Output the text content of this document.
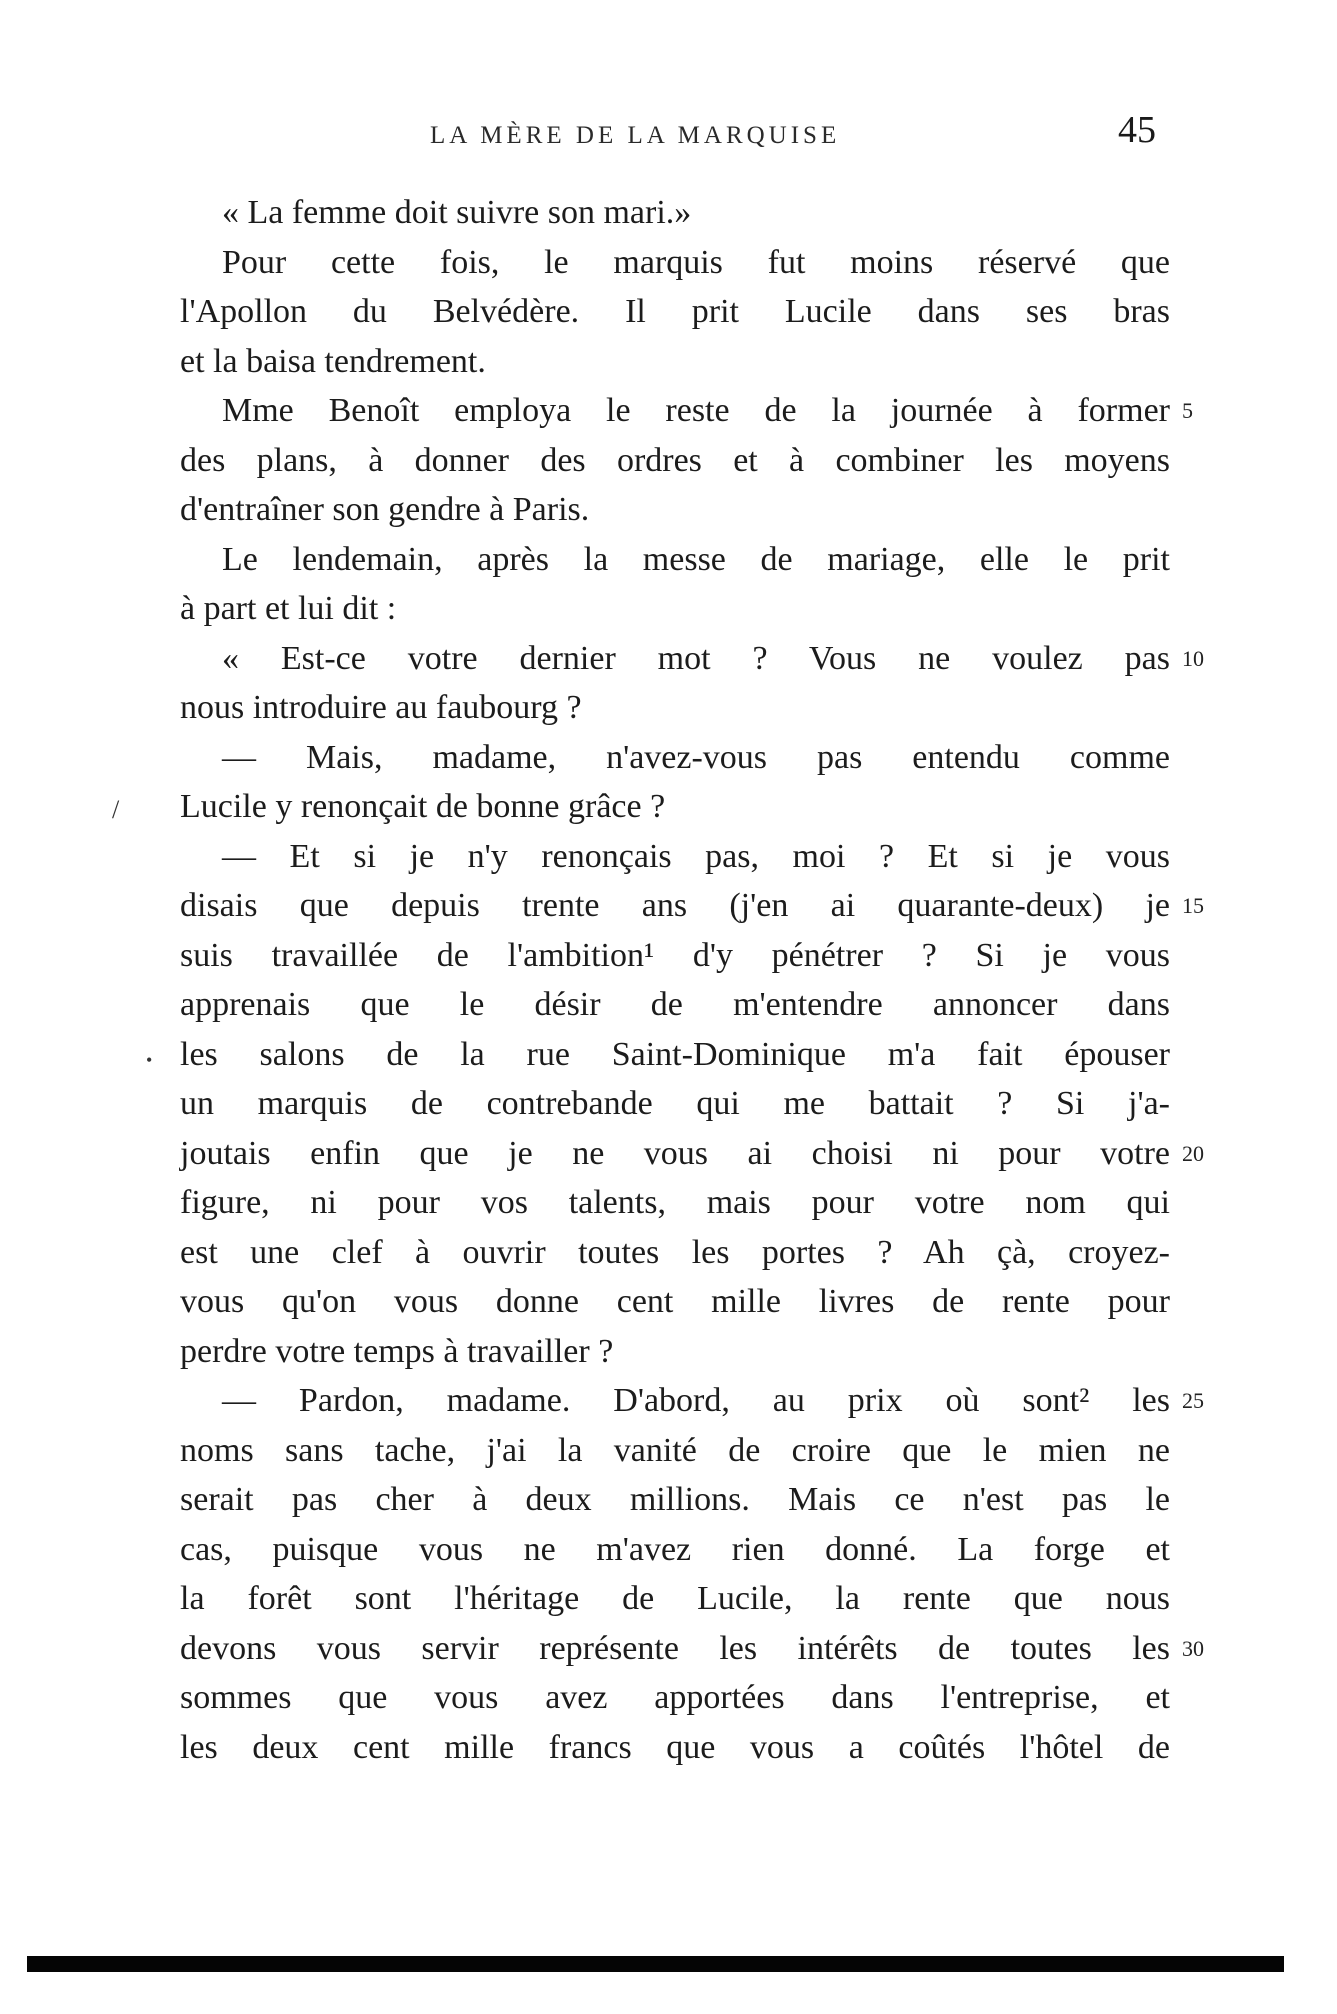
LA MÈRE DE LA MARQUISE	45
/
•
« La femme doit suivre son mari.»
Pour cette fois, le marquis fut moins réservé que
l'Apollon du Belvédère. Il prit Lucile dans ses bras
et la baisa tendrement.
Mme Benoît employa le reste de la journée à former 5
des plans, à donner des ordres et à combiner les moyens
d'entraîner son gendre à Paris.
Le lendemain, après la messe de mariage, elle le prit
à part et lui dit :
« Est-ce votre dernier mot ? Vous ne voulez pas 10
nous introduire au faubourg ?
— Mais, madame, n'avez-vous pas entendu comme
Lucile y renonçait de bonne grâce ?
— Et si je n'y renonçais pas, moi ? Et si je vous
disais que depuis trente ans (j'en ai quarante-deux) je 15
suis travaillée de l'ambition¹ d'y pénétrer ? Si je vous
apprenais que le désir de m'entendre annoncer dans
les salons de la rue Saint-Dominique m'a fait épouser
un marquis de contrebande qui me battait ? Si j'a-
joutais enfin que je ne vous ai choisi ni pour votre 20
figure, ni pour vos talents, mais pour votre nom qui
est une clef à ouvrir toutes les portes ? Ah çà, croyez-
vous qu'on vous donne cent mille livres de rente pour
perdre votre temps à travailler ?
— Pardon, madame. D'abord, au prix où sont² les 25
noms sans tache, j'ai la vanité de croire que le mien ne
serait pas cher à deux millions. Mais ce n'est pas le
cas, puisque vous ne m'avez rien donné. La forge et
la forêt sont l'héritage de Lucile, la rente que nous
devons vous servir représente les intérêts de toutes les 30
sommes que vous avez apportées dans l'entreprise, et
les deux cent mille francs que vous a coûtés l'hôtel de
